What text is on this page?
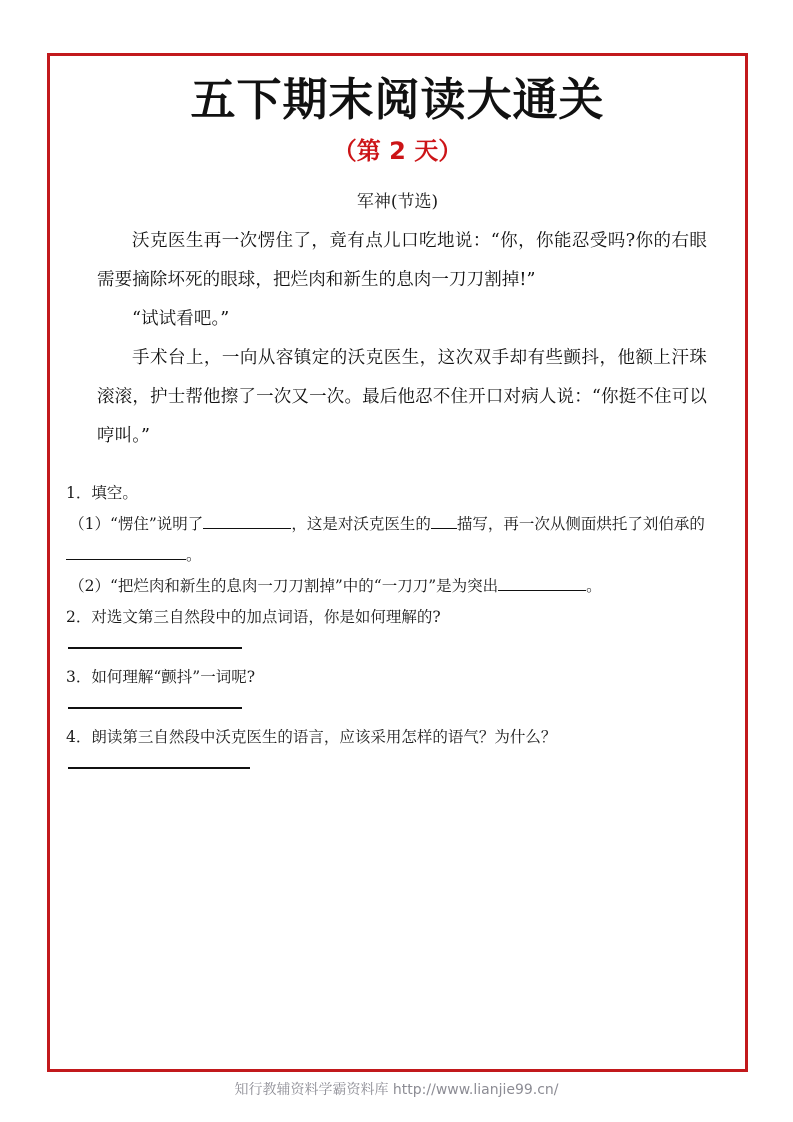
五下期末阅读大通关
（第 2 天）
军神(节选)

沃克医生再一次愣住了，竟有点儿口吃地说：“你，你能忍受吗?你的右眼需要摘除坏死的眼球，把烂肉和新生的息肉一刀刀割掉!”

“试试看吧。”

手术台上，一向从容镇定的沃克医生，这次双手却有些颤抖，他额上汗珠滚滚，护士帮他擦了一次又一次。最后他忍不住开口对病人说：“你挺不住可以哼叫。”

1．填空。

（1）“愣住”说明了	，这是对沃克医生的 描写，再一次从侧面烘托了刘伯承的。

（2）“把烂肉和新生的息肉一刀刀割掉”中的“一刀刀”是为突出	。

2．对选文第三自然段中的加点词语，你是如何理解的?

3．如何理解“颤抖”一词呢?

4．朗读第三自然段中沃克医生的语言，应该采用怎样的语气？为什么？

知行教辅资料学霸资料库 http://www.lianjie99.cn/
